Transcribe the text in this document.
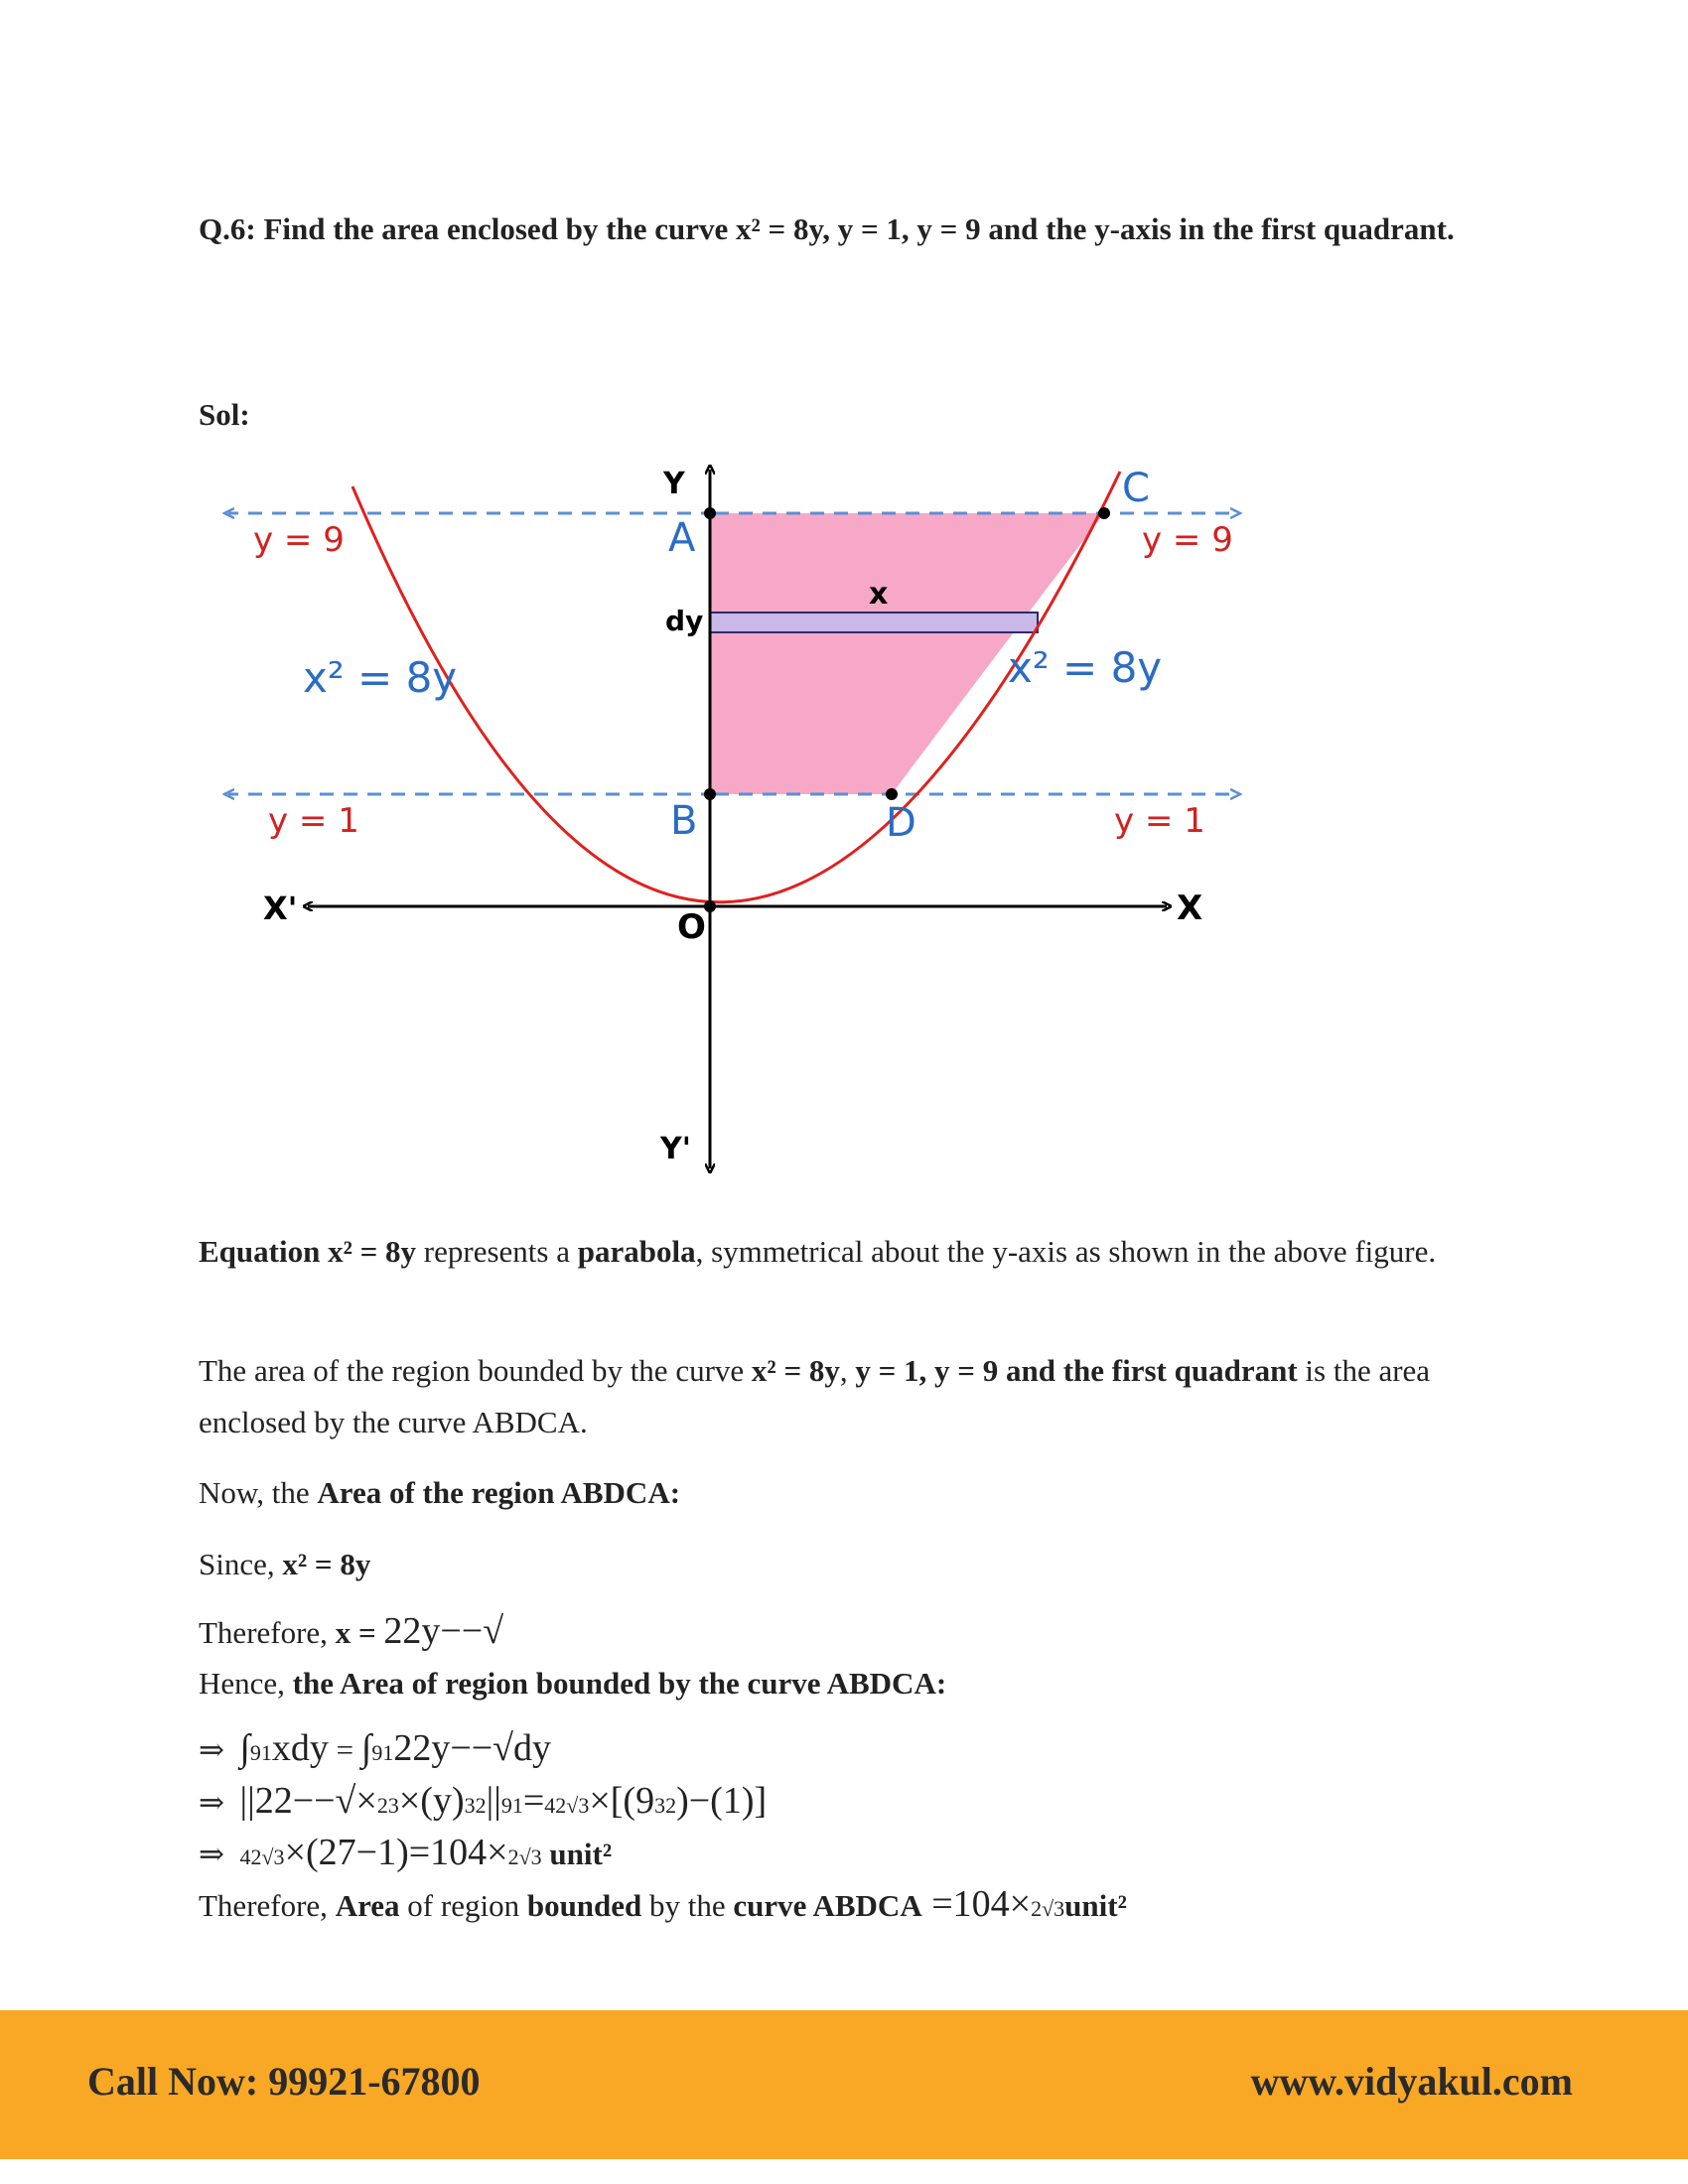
Q.6: Find the area enclosed by the curve x² = 8y, y = 1, y = 9 and the y-axis in the first quadrant.
Sol:
Y
Y'
X
X'	O
A
B
C
D
x
dy
y = 9	y = 9
y = 1	y = 1
x² = 8y	x² = 8y
Equation x² = 8y represents a parabola, symmetrical about the y-axis as shown in the above figure.
The area of the region bounded by the curve x² = 8y, y = 1, y = 9 and the first quadrant is the area enclosed by the curve ABDCA.
Now, the Area of the region ABDCA:
Since, x² = 8y
Therefore, x = 22y−−√
Hence, the Area of region bounded by the curve ABDCA:
⇒ ∫91xdy = ∫9122y−−√dy
⇒ ||22−−√×23×(y)32||91=42√3×[(932)−(1)]
⇒ 42√3×(27−1)=104×2√3 unit²
Therefore, Area of region bounded by the curve ABDCA =104×2√3unit²
Call Now: 99921-67800	www.vidyakul.com
